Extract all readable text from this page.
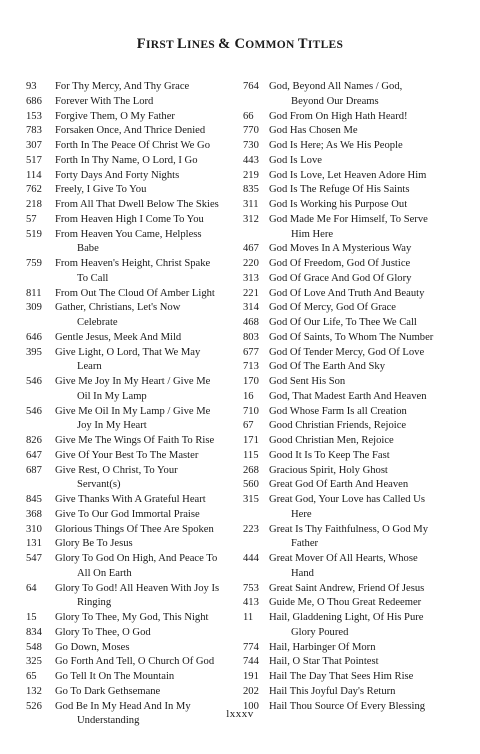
FIRST LINES & COMMON TITLES
93	For Thy Mercy, And Thy Grace
686	Forever With The Lord
153	Forgive Them, O My Father
783	Forsaken Once, And Thrice Denied
307	Forth In The Peace Of Christ We Go
517	Forth In Thy Name, O Lord, I Go
114	Forty Days And Forty Nights
762	Freely, I Give To You
218	From All That Dwell Below The Skies
57	From Heaven High I Come To You
519	From Heaven You Came, Helpless
Babe
759	From Heaven's Height, Christ Spake
To Call
811	From Out The Cloud Of Amber Light
309	Gather, Christians, Let's Now
Celebrate
646	Gentle Jesus, Meek And Mild
395	Give Light, O Lord, That We May
Learn
546	Give Me Joy In My Heart / Give Me
Oil In My Lamp
546	Give Me Oil In My Lamp / Give Me
Joy In My Heart
826	Give Me The Wings Of Faith To Rise
647	Give Of Your Best To The Master
687	Give Rest, O Christ, To Your
Servant(s)
845	Give Thanks With A Grateful Heart
368	Give To Our God Immortal Praise
310	Glorious Things Of Thee Are Spoken
131	Glory Be To Jesus
547	Glory To God On High, And Peace To
All On Earth
64	Glory To God! All Heaven With Joy Is
Ringing
15	Glory To Thee, My God, This Night
834	Glory To Thee, O God
548	Go Down, Moses
325	Go Forth And Tell, O Church Of God
65	Go Tell It On The Mountain
132	Go To Dark Gethsemane
526	God Be In My Head And In My
Understanding
764 God, Beyond All Names / God,
Beyond Our Dreams
66	God From On High Hath Heard!
770 God Has Chosen Me
730 God Is Here; As We His People
443 God Is Love
219 God Is Love, Let Heaven Adore Him
835 God Is The Refuge Of His Saints
311 God Is Working his Purpose Out
312 God Made Me For Himself, To Serve
Him Here
467 God Moves In A Mysterious Way
220 God Of Freedom, God Of Justice
313 God Of Grace And God Of Glory
221 God Of Love And Truth And Beauty
314 God Of Mercy, God Of Grace
468 God Of Our Life, To Thee We Call
803 God Of Saints, To Whom The Number
677 God Of Tender Mercy, God Of Love
713 God Of The Earth And Sky
170 God Sent His Son
16	God, That Madest Earth And Heaven
710 God Whose Farm Is all Creation
67	Good Christian Friends, Rejoice
171 Good Christian Men, Rejoice
115 Good It Is To Keep The Fast
268 Gracious Spirit, Holy Ghost
560 Great God Of Earth And Heaven
315 Great God, Your Love has Called Us
Here
223 Great Is Thy Faithfulness, O God My
Father
444 Great Mover Of All Hearts, Whose
Hand
753 Great Saint Andrew, Friend Of Jesus
413 Guide Me, O Thou Great Redeemer
11	Hail, Gladdening Light, Of His Pure
Glory Poured
774 Hail, Harbinger Of Morn
744 Hail, O Star That Pointest
191 Hail The Day That Sees Him Rise
202 Hail This Joyful Day's Return
100 Hail Thou Source Of Every Blessing
lxxxv
